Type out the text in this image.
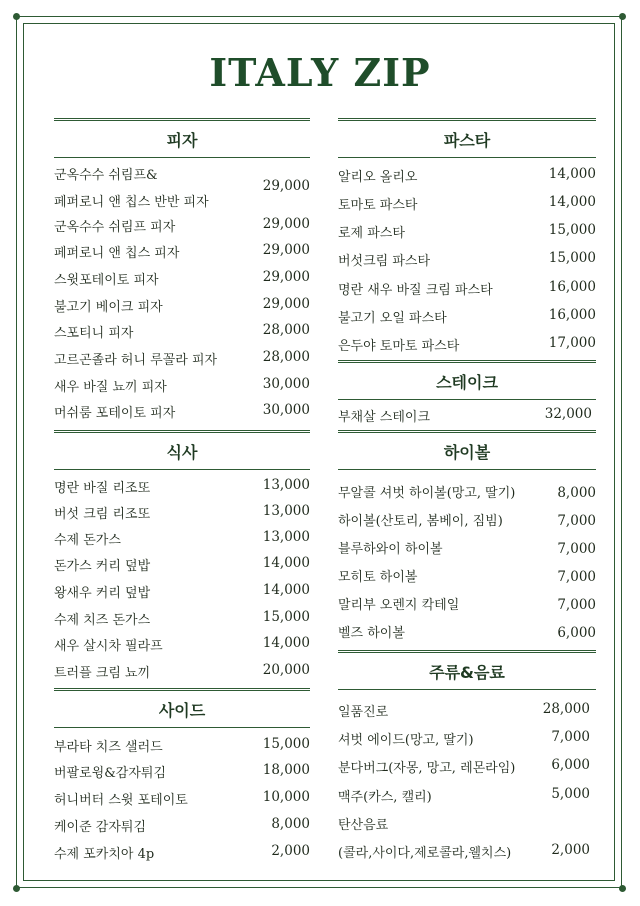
ITALY ZIP
피자
군옥수수 쉬림프&
페퍼로니 앤 칩스 반반 피자
29,000
군옥수수 쉬림프 피자	29,000
페퍼로니 앤 칩스 피자	29,000
스윗포테이토 피자	29,000
불고기 베이크 피자	29,000
스포티니 피자	28,000
고르곤졸라 허니 루꼴라 피자	28,000
새우 바질 뇨끼 피자	30,000
머쉬룸 포테이토 피자	30,000
식사
명란 바질 리조또	13,000
버섯 크림 리조또	13,000
수제 돈가스	13,000
돈가스 커리 덮밥	14,000
왕새우 커리 덮밥	14,000
수제 치즈 돈가스	15,000
새우 살시차 필라프	14,000
트러플 크림 뇨끼	20,000
사이드
부라타 치즈 샐러드	15,000
버팔로윙&감자튀김	18,000
허니버터 스윗 포테이토	10,000
케이준 감자튀김	8,000
수제 포카치아 4p	2,000
파스타
알리오 올리오	14,000
토마토 파스타	14,000
로제 파스타	15,000
버섯크림 파스타	15,000
명란 새우 바질 크림 파스타	16,000
불고기 오일 파스타	16,000
은두야 토마토 파스타	17,000
스테이크
부채살 스테이크	32,000
하이볼
무알콜 셔벗 하이볼(망고, 딸기)	8,000
하이볼(산토리, 봄베이, 짐빔)	7,000
블루하와이 하이볼	7,000
모히토 하이볼	7,000
말리부 오렌지 칵테일	7,000
벨즈 하이볼	6,000
주류&음료
일품진로	28,000
셔벗 에이드(망고, 딸기)	7,000
분다버그(자몽, 망고, 레몬라임)	6,000
맥주(카스, 캘리)	5,000
탄산음료
(콜라,사이다,제로콜라,웰치스)	2,000
